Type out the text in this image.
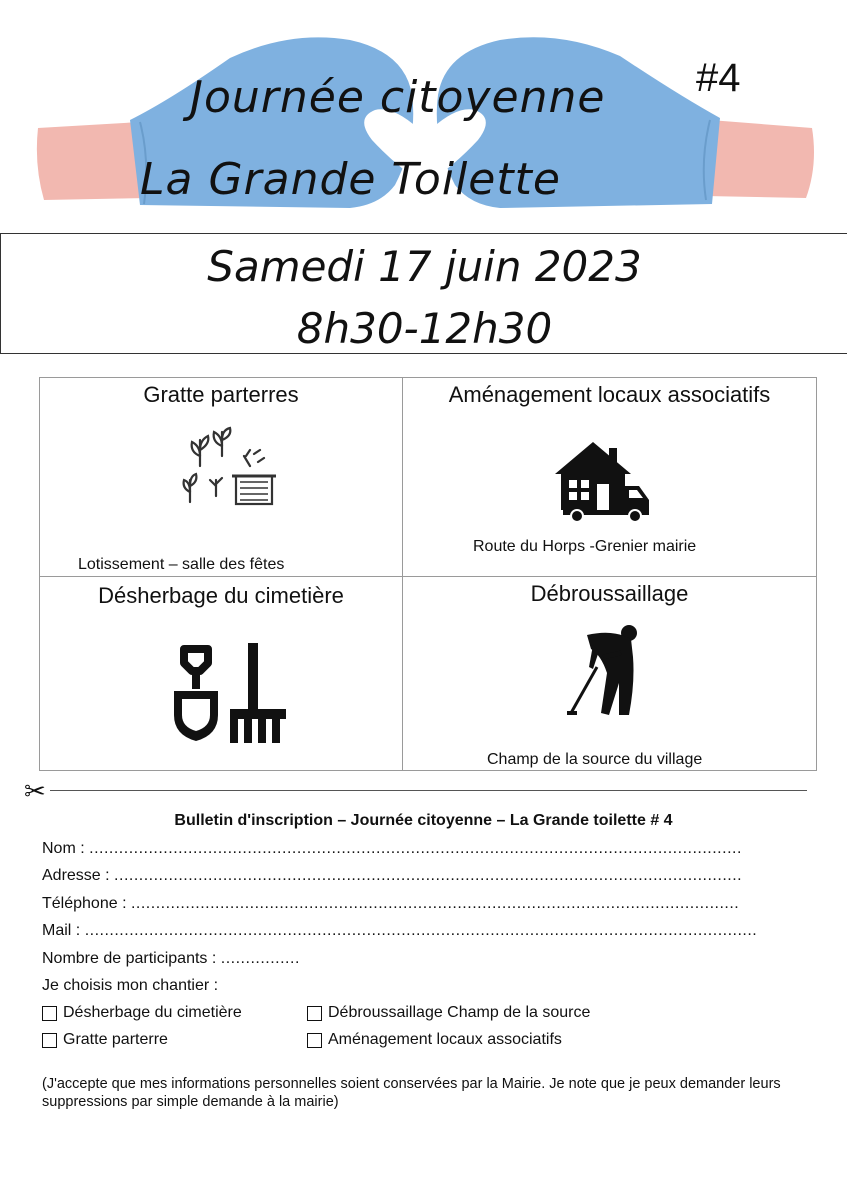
Journée citoyenne
La Grande Toilette
#4
Samedi 17 juin 2023
8h30-12h30
Gratte parterres
Lotissement – salle des fêtes
Aménagement locaux associatifs
Route du Horps -Grenier mairie
Désherbage du cimetière	Débroussaillage
Champ de la source du village
✂
Bulletin d'inscription – Journée citoyenne – La Grande toilette # 4
Nom : ....................................................................................................................................
Adresse : ...............................................................................................................................
Téléphone : ...........................................................................................................................
Mail : ........................................................................................................................................
Nombre de participants : ................
Je choisis mon chantier :
Désherbage du cimetière	Débroussaillage Champ de la source
Gratte parterre	Aménagement locaux associatifs
(J'accepte que mes informations personnelles soient conservées par la Mairie. Je note que je peux demander leurs suppressions par simple demande à la mairie)
